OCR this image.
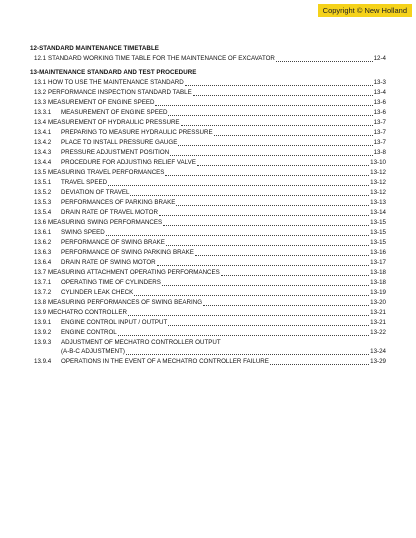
Copyright © New Holland
12-STANDARD MAINTENANCE TIMETABLE
12.1 STANDARD WORKING TIME TABLE FOR THE MAINTENANCE OF EXCAVATOR	12-4
13-MAINTENANCE STANDARD AND TEST PROCEDURE
13.1 HOW TO USE THE MAINTENANCE STANDARD	13-3
13.2 PERFORMANCE INSPECTION STANDARD TABLE	13-4
13.3 MEASUREMENT OF ENGINE SPEED	13-6
13.3.1	MEASUREMENT OF ENGINE SPEED	13-6
13.4 MEASUREMENT OF HYDRAULIC PRESSURE	13-7
13.4.1	PREPARING TO MEASURE HYDRAULIC PRESSURE	13-7
13.4.2	PLACE TO INSTALL PRESSURE GAUGE	13-7
13.4.3	PRESSURE ADJUSTMENT POSITION	13-8
13.4.4	PROCEDURE FOR ADJUSTING RELIEF VALVE	13-10
13.5 MEASURING TRAVEL PERFORMANCES	13-12
13.5.1	TRAVEL SPEED	13-12
13.5.2	DEVIATION OF TRAVEL	13-12
13.5.3	PERFORMANCES OF PARKING BRAKE	13-13
13.5.4	DRAIN RATE OF TRAVEL MOTOR	13-14
13.6 MEASURING SWING PERFORMANCES	13-15
13.6.1	SWING SPEED	13-15
13.6.2	PERFORMANCE OF SWING BRAKE	13-15
13.6.3	PERFORMANCE OF SWING PARKING BRAKE	13-16
13.6.4	DRAIN RATE OF SWING MOTOR	13-17
13.7 MEASURING ATTACHMENT OPERATING PERFORMANCES	13-18
13.7.1	OPERATING TIME OF CYLINDERS	13-18
13.7.2	CYLINDER LEAK CHECK	13-19
13.8 MEASURING PERFORMANCES OF SWING BEARING	13-20
13.9 MECHATRO CONTROLLER	13-21
13.9.1	ENGINE CONTROL INPUT / OUTPUT	13-21
13.9.2	ENGINE CONTROL	13-22
13.9.3 ADJUSTMENT OF MECHATRO CONTROLLER OUTPUT
(A-B-C ADJUSTMENT)	13-24
13.9.4	OPERATIONS IN THE EVENT OF A MECHATRO CONTROLLER FAILURE	13-29
